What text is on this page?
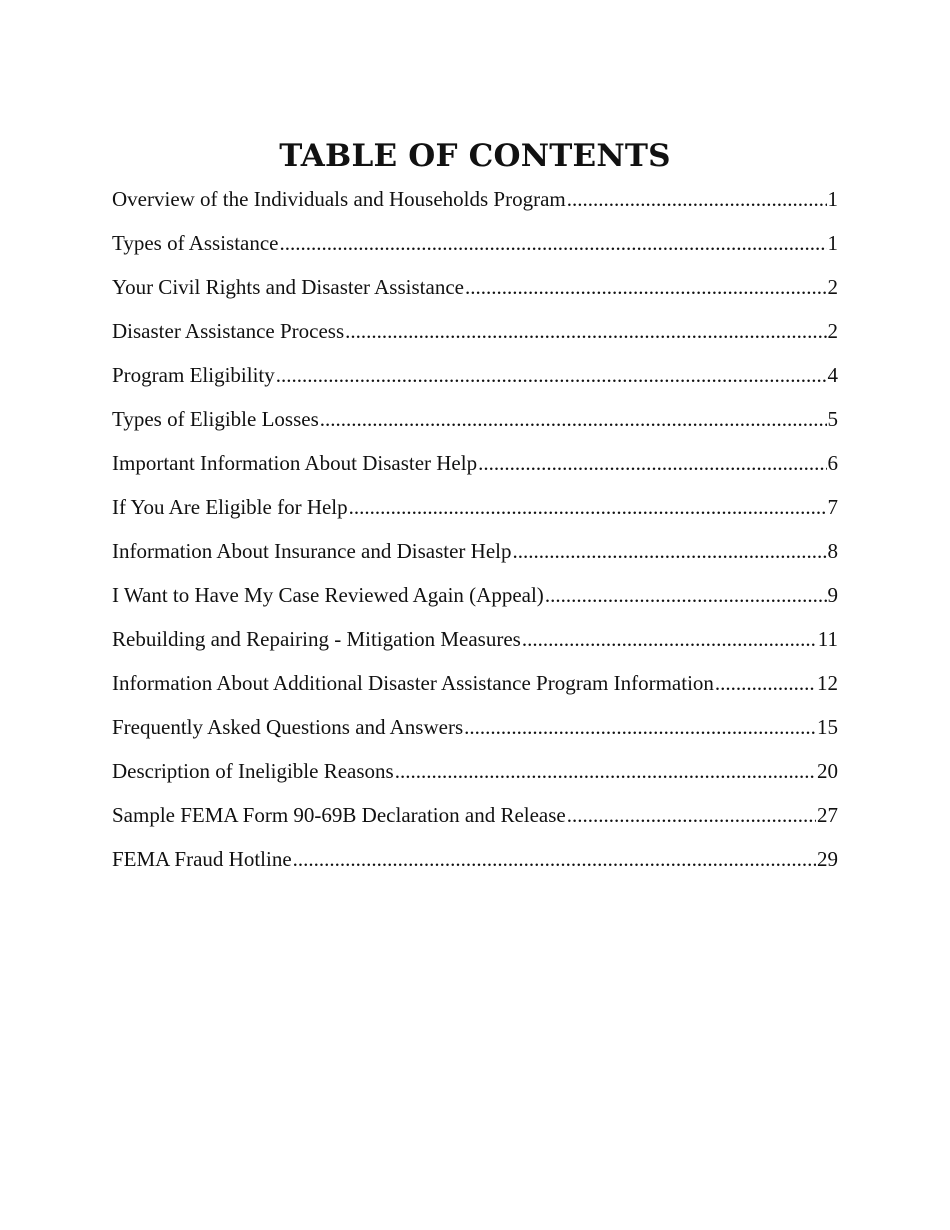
TABLE OF CONTENTS
Overview of the Individuals and Households Program .....	1
Types of Assistance .....	1
Your Civil Rights and Disaster Assistance .....	2
Disaster Assistance Process .....	2
Program Eligibility .....	4
Types of Eligible Losses .....	5
Important Information About Disaster Help .....	6
If You Are Eligible for Help .....	7
Information About Insurance and Disaster Help .....	8
I Want to Have My Case Reviewed Again (Appeal) .....	9
Rebuilding and Repairing - Mitigation Measures .....	11
Information About Additional Disaster Assistance Program Information .....	12
Frequently Asked Questions and Answers .....	15
Description of Ineligible Reasons .....	20
Sample FEMA Form 90-69B Declaration and Release .....	27
FEMA Fraud Hotline .....	29
